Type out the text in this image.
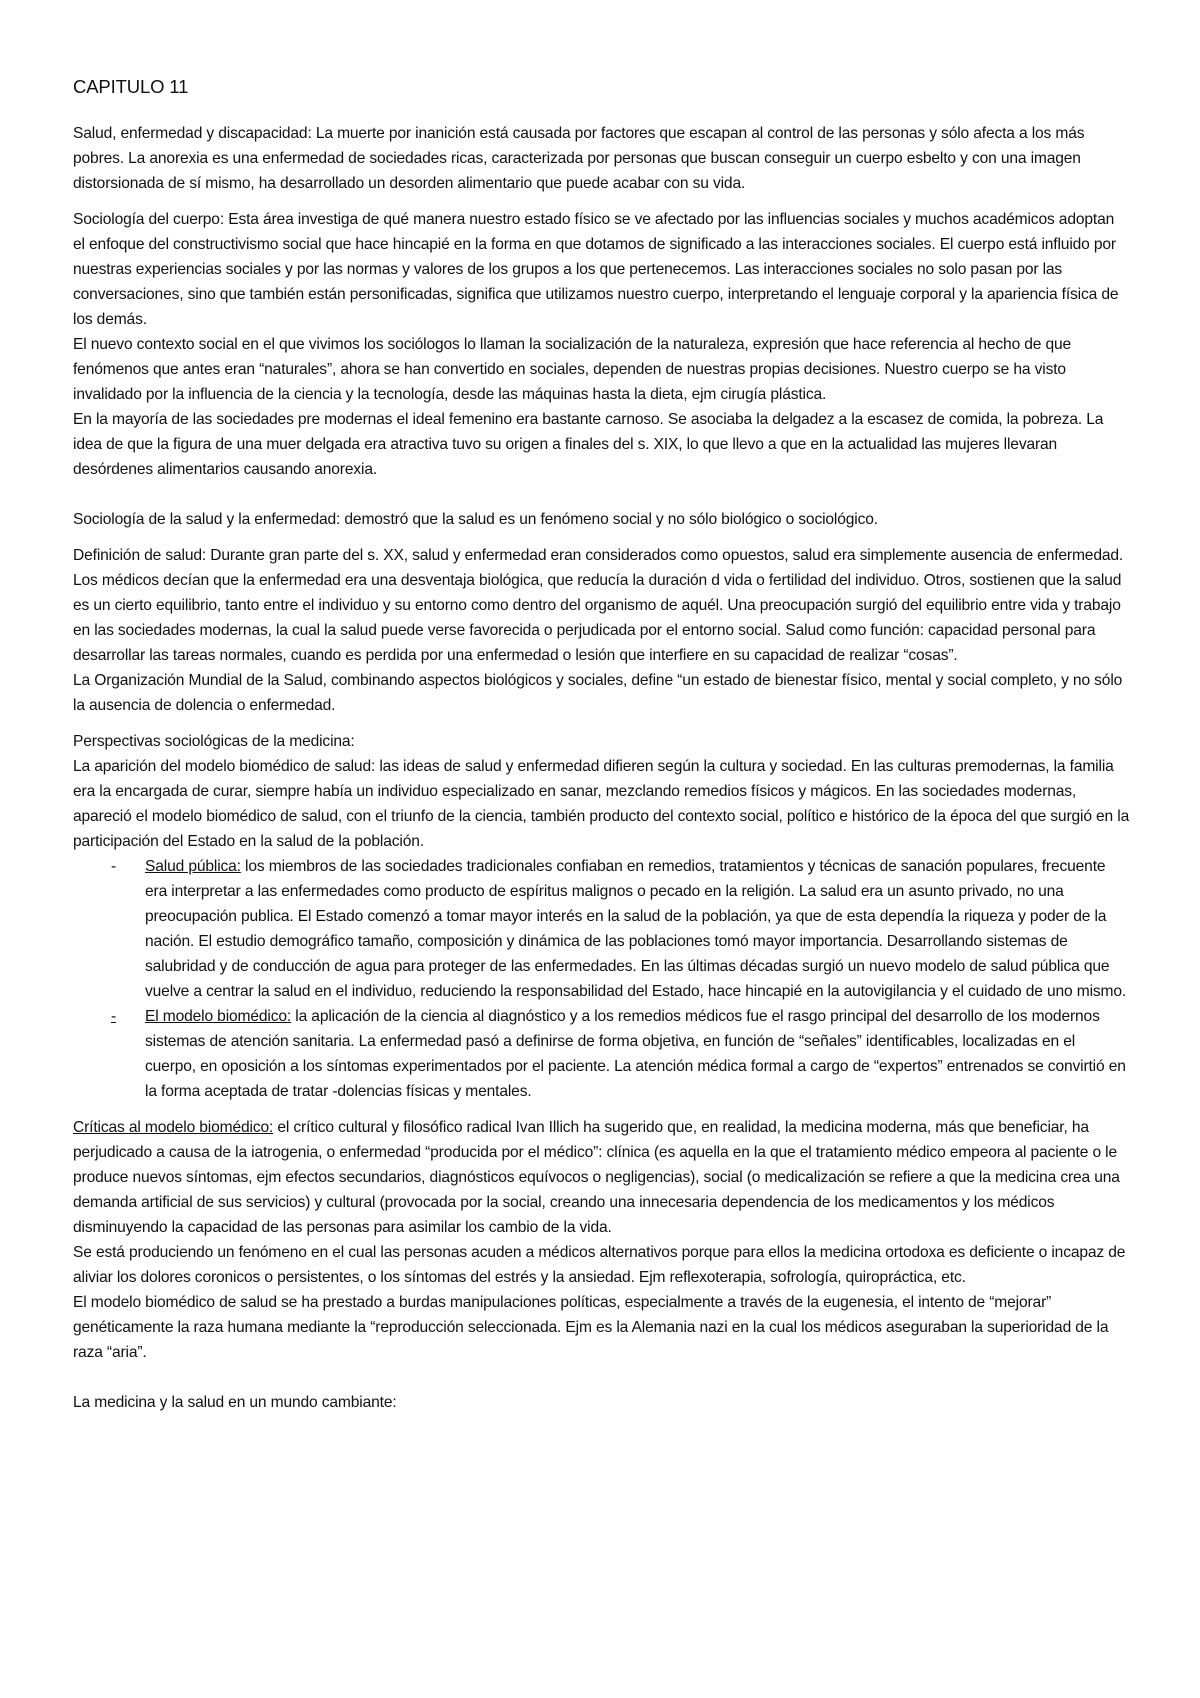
CAPITULO 11

Salud, enfermedad y discapacidad: La muerte por inanición está causada por factores que escapan al control de las personas y sólo afecta a los más pobres. La anorexia es una enfermedad de sociedades ricas, caracterizada por personas que buscan conseguir un cuerpo esbelto y con una imagen distorsionada de sí mismo, ha desarrollado un desorden alimentario que puede acabar con su vida.

Sociología del cuerpo: Esta área investiga de qué manera nuestro estado físico se ve afectado por las influencias sociales y muchos académicos adoptan el enfoque del constructivismo social que hace hincapié en la forma en que dotamos de significado a las interacciones sociales. El cuerpo está influido por nuestras experiencias sociales y por las normas y valores de los grupos a los que pertenecemos. Las interacciones sociales no solo pasan por las conversaciones, sino que también están personificadas, significa que utilizamos nuestro cuerpo, interpretando el lenguaje corporal y la apariencia física de los demás.

El nuevo contexto social en el que vivimos los sociólogos lo llaman la socialización de la naturaleza, expresión que hace referencia al hecho de que fenómenos que antes eran “naturales”, ahora se han convertido en sociales, dependen de nuestras propias decisiones. Nuestro cuerpo se ha visto invalidado por la influencia de la ciencia y la tecnología, desde las máquinas hasta la dieta, ejm cirugía plástica.

En la mayoría de las sociedades pre modernas el ideal femenino era bastante carnoso. Se asociaba la delgadez a la escasez de comida, la pobreza. La idea de que la figura de una muer delgada era atractiva tuvo su origen a finales del s. XIX, lo que llevo a que en la actualidad las mujeres llevaran desórdenes alimentarios causando anorexia.

Sociología de la salud y la enfermedad: demostró que la salud es un fenómeno social y no sólo biológico o sociológico.

Definición de salud: Durante gran parte del s. XX, salud y enfermedad eran considerados como opuestos, salud era simplemente ausencia de enfermedad. Los médicos decían que la enfermedad era una desventaja biológica, que reducía la duración d vida o fertilidad del individuo. Otros, sostienen que la salud es un cierto equilibrio, tanto entre el individuo y su entorno como dentro del organismo de aquél. Una preocupación surgió del equilibrio entre vida y trabajo en las sociedades modernas, la cual la salud puede verse favorecida o perjudicada por el entorno social. Salud como función: capacidad personal para desarrollar las tareas normales, cuando es perdida por una enfermedad o lesión que interfiere en su capacidad de realizar “cosas”.

La Organización Mundial de la Salud, combinando aspectos biológicos y sociales, define “un estado de bienestar físico, mental y social completo, y no sólo la ausencia de dolencia o enfermedad.

Perspectivas sociológicas de la medicina:

La aparición del modelo biomédico de salud: las ideas de salud y enfermedad difieren según la cultura y sociedad. En las culturas premodernas, la familia era la encargada de curar, siempre había un individuo especializado en sanar, mezclando remedios físicos y mágicos. En las sociedades modernas, apareció el modelo biomédico de salud, con el triunfo de la ciencia, también producto del contexto social, político e histórico de la época del que surgió en la participación del Estado en la salud de la población.

- Salud pública: los miembros de las sociedades tradicionales confiaban en remedios, tratamientos y técnicas de sanación populares, frecuente era interpretar a las enfermedades como producto de espíritus malignos o pecado en la religión. La salud era un asunto privado, no una preocupación publica. El Estado comenzó a tomar mayor interés en la salud de la población, ya que de esta dependía la riqueza y poder de la nación. El estudio demográfico tamaño, composición y dinámica de las poblaciones tomó mayor importancia. Desarrollando sistemas de salubridad y de conducción de agua para proteger de las enfermedades. En las últimas décadas surgió un nuevo modelo de salud pública que vuelve a centrar la salud en el individuo, reduciendo la responsabilidad del Estado, hace hincapié en la autovigilancia y el cuidado de uno mismo.
-	El modelo biomédico: la aplicación de la ciencia al diagnóstico y a los remedios médicos fue el rasgo principal del desarrollo de los modernos sistemas de atención sanitaria. La enfermedad pasó a definirse de forma objetiva, en función de “señales” identificables, localizadas en el cuerpo, en oposición a los síntomas experimentados por el paciente. La atención médica formal a cargo de “expertos” entrenados se convirtió en la forma aceptada de tratar -dolencias físicas y mentales.

Críticas al modelo biomédico: el crítico cultural y filosófico radical Ivan Illich ha sugerido que, en realidad, la medicina moderna, más que beneficiar, ha perjudicado a causa de la iatrogenia, o enfermedad “producida por el médico”: clínica (es aquella en la que el tratamiento médico empeora al paciente o le produce nuevos síntomas, ejm efectos secundarios, diagnósticos equívocos o negligencias), social (o medicalización se refiere a que la medicina crea una demanda artificial de sus servicios) y cultural (provocada por la social, creando una innecesaria dependencia de los medicamentos y los médicos disminuyendo la capacidad de las personas para asimilar los cambio de la vida.

Se está produciendo un fenómeno en el cual las personas acuden a médicos alternativos porque para ellos la medicina ortodoxa es deficiente o incapaz de aliviar los dolores coronicos o persistentes, o los síntomas del estrés y la ansiedad. Ejm reflexoterapia, sofrología, quiropráctica, etc.

El modelo biomédico de salud se ha prestado a burdas manipulaciones políticas, especialmente a través de la eugenesia, el intento de “mejorar” genéticamente la raza humana mediante la “reproducción seleccionada. Ejm es la Alemania nazi en la cual los médicos aseguraban la superioridad de la raza “aria”.

La medicina y la salud en un mundo cambiante:
